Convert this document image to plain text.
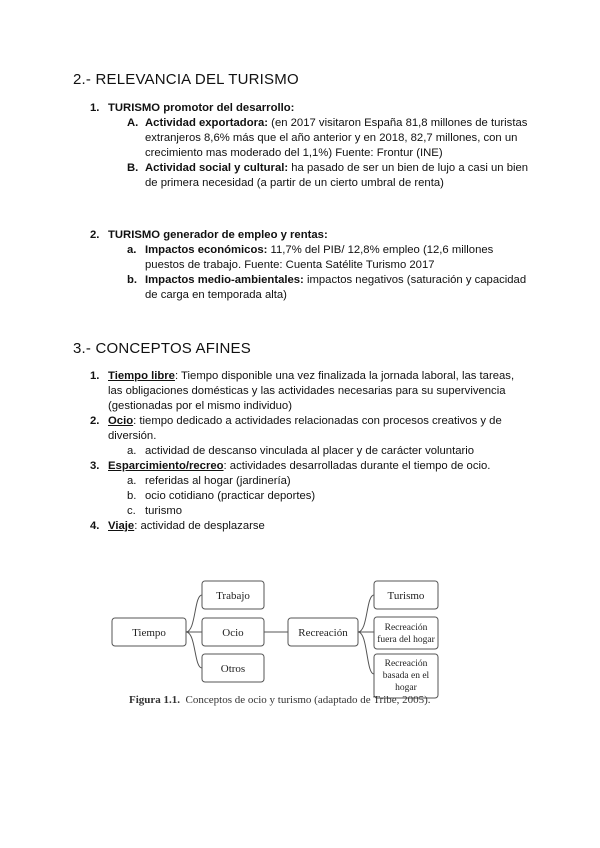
2.- RELEVANCIA DEL TURISMO
1. TURISMO promotor del desarrollo:
A. Actividad exportadora: (en 2017 visitaron España 81,8 millones de turistas extranjeros 8,6% más que el año anterior y en 2018, 82,7 millones, con un crecimiento mas moderado del 1,1%) Fuente: Frontur (INE)
B. Actividad social y cultural: ha pasado de ser un bien de lujo a casi un bien de primera necesidad (a partir de un cierto umbral de renta)
2. TURISMO generador de empleo y rentas:
a. Impactos económicos: 11,7% del PIB/ 12,8% empleo (12,6 millones puestos de trabajo. Fuente: Cuenta Satélite Turismo 2017
b. Impactos medio-ambientales: impactos negativos (saturación y capacidad de carga en temporada alta)
3.- CONCEPTOS AFINES
1. Tiempo libre: Tiempo disponible una vez finalizada la jornada laboral, las tareas, las obligaciones domésticas y las actividades necesarias para su supervivencia (gestionadas por el mismo individuo)
2. Ocio: tiempo dedicado a actividades relacionadas con procesos creativos y de diversión.
a. actividad de descanso vinculada al placer y de carácter voluntario
3. Esparcimiento/recreo: actividades desarrolladas durante el tiempo de ocio.
a. referidas al hogar (jardinería)
b. ocio cotidiano (practicar deportes)
c. turismo
4. Viaje: actividad de desplazarse
Tiempo
Trabajo
Ocio
Otros
Recreación
Turismo
Recreación
fuera del hogar
Recreación
basada en el
hogar
Figura 1.1. Conceptos de ocio y turismo (adaptado de Tribe, 2005).
